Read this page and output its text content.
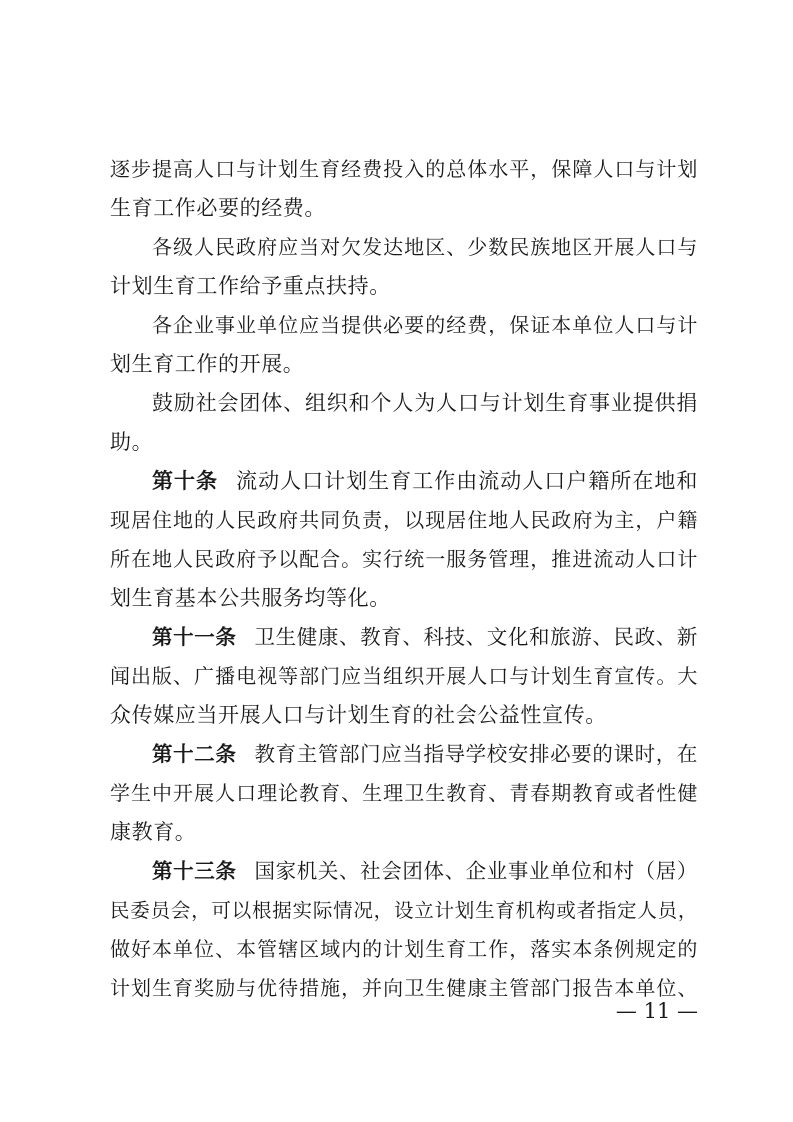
逐步提高人口与计划生育经费投入的总体水平，保障人口与计划
生育工作必要的经费。
各级人民政府应当对欠发达地区、少数民族地区开展人口与
计划生育工作给予重点扶持。
各企业事业单位应当提供必要的经费，保证本单位人口与计
划生育工作的开展。
鼓励社会团体、组织和个人为人口与计划生育事业提供捐
助。
第十条 流动人口计划生育工作由流动人口户籍所在地和
现居住地的人民政府共同负责，以现居住地人民政府为主，户籍
所在地人民政府予以配合。实行统一服务管理，推进流动人口计
划生育基本公共服务均等化。
第十一条 卫生健康、教育、科技、文化和旅游、民政、新
闻出版、广播电视等部门应当组织开展人口与计划生育宣传。大
众传媒应当开展人口与计划生育的社会公益性宣传。
第十二条 教育主管部门应当指导学校安排必要的课时，在
学生中开展人口理论教育、生理卫生教育、青春期教育或者性健
康教育。
第十三条 国家机关、社会团体、企业事业单位和村（居）
民委员会，可以根据实际情况，设立计划生育机构或者指定人员，
做好本单位、本管辖区域内的计划生育工作，落实本条例规定的
计划生育奖励与优待措施，并向卫生健康主管部门报告本单位、
— 11 —
